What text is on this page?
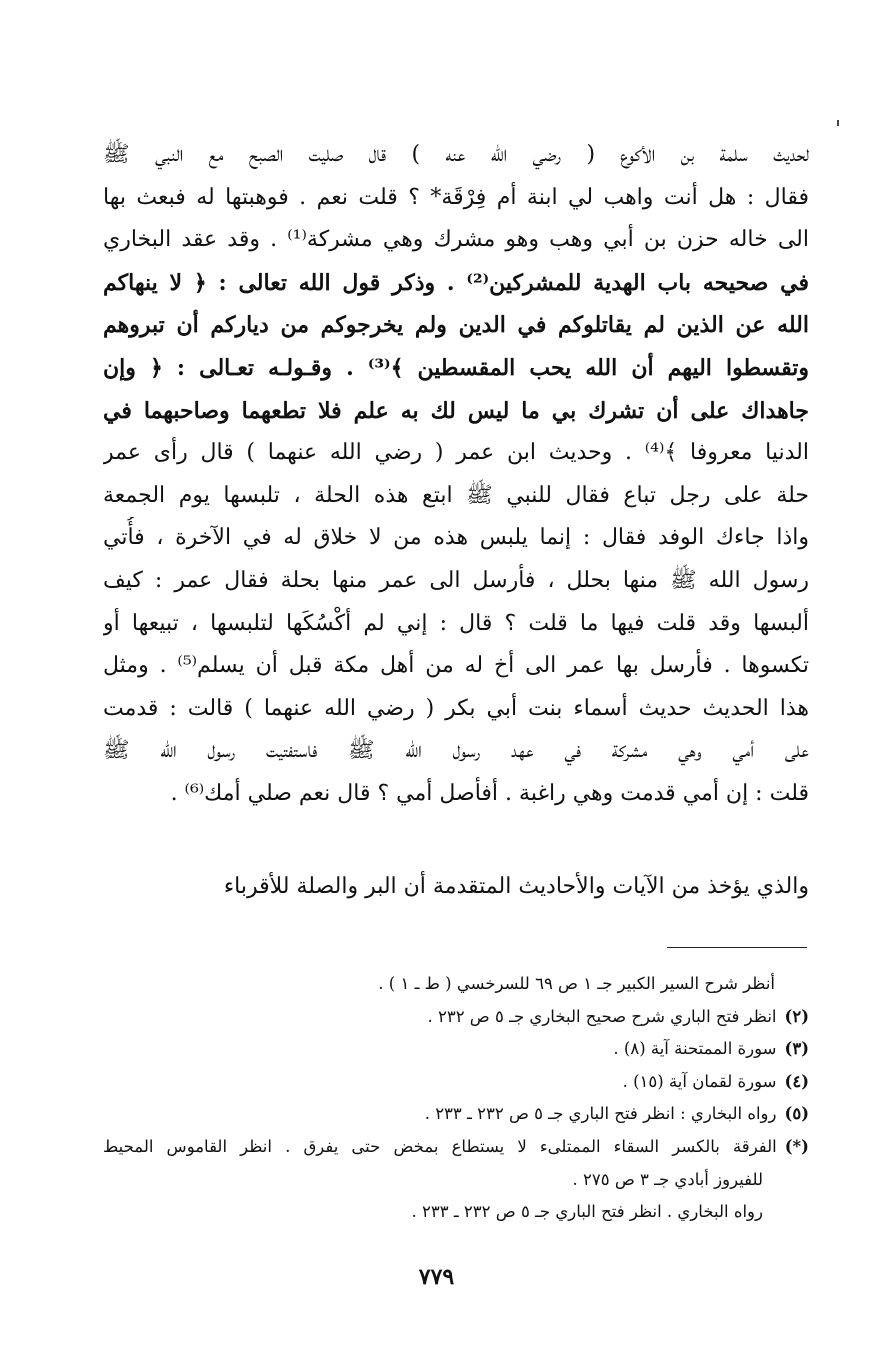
لحديث سلمة بن الأكوع ( رضي الله عنه ) قال صليت الصبح مع النبي ﷺ
فقال : هل أنت واهب لي ابنة أم فِرْقَة* ؟ قلت نعم . فوهبتها له فبعث بها
الى خاله حزن بن أبي وهب وهو مشرك وهي مشركة⁽¹⁾ . وقد عقد البخاري
في صحيحه باب الهدية للمشركين⁽²⁾ . وذكر قول الله تعالى : ﴿ لا ينهاكم
الله عن الذين لم يقاتلوكم في الدين ولم يخرجوكم من دياركم أن تبروهم
وتقسطوا اليهم أن الله يحب المقسطين ﴾⁽³⁾ . وقـولـه تعـالى : ﴿ وإن
جاهداك على أن تشرك بي ما ليس لك به علم فلا تطعهما وصاحبهما في
الدنيا معروفا ﴾⁽⁴⁾ . وحديث ابن عمر ( رضي الله عنهما ) قال رأى عمر
حلة على رجل تباع فقال للنبي ﷺ ابتع هذه الحلة ، تلبسها يوم الجمعة
واذا جاءك الوفد فقال : إنما يلبس هذه من لا خلاق له في الآخرة ، فأُتي
رسول الله ﷺ منها بحلل ، فأرسل الى عمر منها بحلة فقال عمر : كيف
ألبسها وقد قلت فيها ما قلت ؟ قال : إني لم أكْسُكَها لتلبسها ، تبيعها أو
تكسوها . فأرسل بها عمر الى أخ له من أهل مكة قبل أن يسلم⁽⁵⁾ . ومثل
هذا الحديث حديث أسماء بنت أبي بكر ( رضي الله عنهما ) قالت : قدمت
على أمي وهي مشركة في عهد رسول الله ﷺ فاستفتيت رسول الله ﷺ
قلت : إن أمي قدمت وهي راغبة . أفأصل أمي ؟ قال نعم صلي أمك⁽⁶⁾ .
والذي يؤخذ من الآيات والأحاديث المتقدمة أن البر والصلة للأقرباء
أنظر شرح السير الكبير جـ ١ ص ٦٩ للسرخسي ( ط ـ ١ ) .
(٢)انظر فتح الباري شرح صحيح البخاري جـ ٥ ص ٢٣٢ .
(٣)سورة الممتحنة آية (٨) .
(٤)سورة لقمان آية (١٥) .
(٥)رواه البخاري : انظر فتح الباري جـ ٥ ص ٢٣٢ ـ ٢٣٣ .
(*)الفرقة بالكسر السقاء الممتلىء لا يستطاع بمخض حتى يفرق . انظر القاموس المحيط
للفيروز أبادي جـ ٣ ص ٢٧٥ .
رواه البخاري . انظر فتح الباري جـ ٥ ص ٢٣٢ ـ ٢٣٣ .
٧٧٩
